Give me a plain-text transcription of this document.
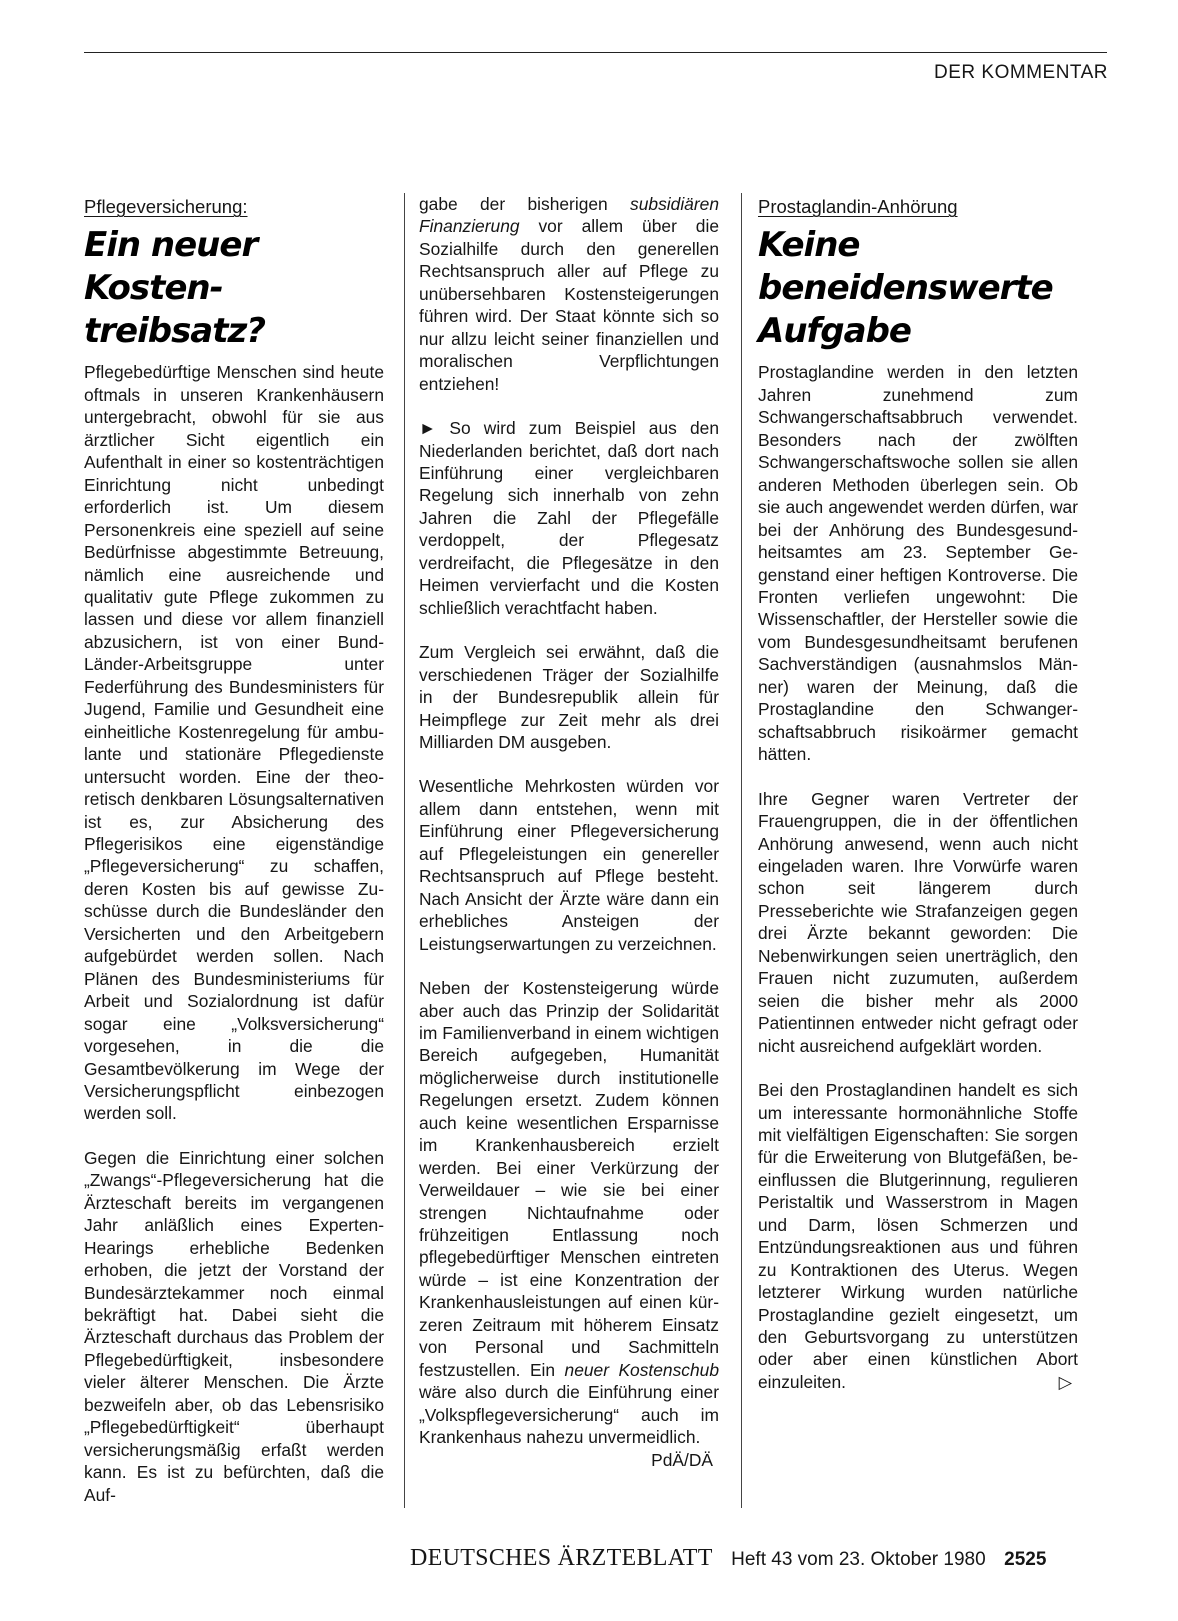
DER KOMMENTAR
Pflegeversicherung:
Ein neuer
Kosten-
treibsatz?

Pflegebedürftige Menschen sind heute oftmals in unseren Krankenhäusern untergebracht, obwohl für sie aus ärztlicher Sicht eigentlich ein Aufenthalt in einer so kostenträchtigen Einrichtung nicht unbedingt erforderlich ist. Um diesem Personenkreis eine speziell auf seine Bedürfnisse abgestimmte Betreuung, nämlich eine ausreichende und qualitativ gute Pflege zukommen zu lassen und diese vor allem finanziell abzusichern, ist von einer Bund-Länder-Arbeitsgruppe unter Federführung des Bundesministers für Jugend, Familie und Gesundheit eine einheitliche Kostenregelung für ambulante und stationäre Pflegedienste untersucht worden. Eine der theoretisch denkbaren Lösungsalternativen ist es, zur Absicherung des Pflegerisikos eine eigenständige „Pflegeversicherung“ zu schaffen, deren Kosten bis auf gewisse Zuschüsse durch die Bundesländer den Versicherten und den Arbeitgebern aufgebürdet werden sollen. Nach Plänen des Bundesministeriums für Arbeit und Sozialordnung ist dafür sogar eine „Volksversicherung“ vorgesehen, in die die Gesamtbevölkerung im Wege der Versicherungspflicht einbezogen werden soll.

Gegen die Einrichtung einer solchen „Zwangs“-Pflegeversicherung hat die Ärzteschaft bereits im vergangenen Jahr anläßlich eines Experten-Hearings erhebliche Bedenken erhoben, die jetzt der Vorstand der Bundesärztekammer noch einmal bekräftigt hat. Dabei sieht die Ärzteschaft durchaus das Problem der Pflegebedürftigkeit, insbesondere vieler älterer Menschen. Die Ärzte bezweifeln aber, ob das Lebensrisiko „Pflegebedürftigkeit“ überhaupt versicherungsmäßig erfaßt werden kann. Es ist zu befürchten, daß die Auf-

gabe der bisherigen subsidiären Finanzierung vor allem über die Sozialhilfe durch den generellen Rechtsanspruch aller auf Pflege zu unübersehbaren Kostensteigerungen führen wird. Der Staat könnte sich so nur allzu leicht seiner finanziellen und moralischen Verpflichtungen entziehen!

► So wird zum Beispiel aus den Niederlanden berichtet, daß dort nach Einführung einer vergleichbaren Regelung sich innerhalb von zehn Jahren die Zahl der Pflegefälle verdoppelt, der Pflegesatz verdreifacht, die Pflegesätze in den Heimen vervierfacht und die Kosten schließlich verachtfacht haben.

Zum Vergleich sei erwähnt, daß die verschiedenen Träger der Sozialhilfe in der Bundesrepublik allein für Heimpflege zur Zeit mehr als drei Milliarden DM ausgeben.

Wesentliche Mehrkosten würden vor allem dann entstehen, wenn mit Einführung einer Pflegeversicherung auf Pflegeleistungen ein genereller Rechtsanspruch auf Pflege besteht. Nach Ansicht der Ärzte wäre dann ein erhebliches Ansteigen der Leistungserwartungen zu verzeichnen.

Neben der Kostensteigerung würde aber auch das Prinzip der Solidarität im Familienverband in einem wichtigen Bereich aufgegeben, Humanität möglicherweise durch institutionelle Regelungen ersetzt. Zudem können auch keine wesentlichen Ersparnisse im Krankenhausbereich erzielt werden. Bei einer Verkürzung der Verweildauer – wie sie bei einer strengen Nichtaufnahme oder frühzeitigen Entlassung noch pflegebedürftiger Menschen eintreten würde – ist eine Konzentration der Krankenhausleistungen auf einen kürzeren Zeitraum mit höherem Einsatz von Personal und Sachmitteln festzustellen. Ein neuer Kostenschub wäre also durch die Einführung einer „Volkspflegeversicherung“ auch im Krankenhaus nahezu unvermeidlich.
PdÄ/DÄ

Prostaglandin-Anhörung
Keine
beneidenswerte
Aufgabe

Prostaglandine werden in den letzten Jahren zunehmend zum Schwangerschaftsabbruch verwendet. Besonders nach der zwölften Schwangerschaftswoche sollen sie allen anderen Methoden überlegen sein. Ob sie auch angewendet werden dürfen, war bei der Anhörung des Bundesgesundheitsamtes am 23. September Gegenstand einer heftigen Kontroverse. Die Fronten verliefen ungewohnt: Die Wissenschaftler, der Hersteller sowie die vom Bundesgesundheitsamt berufenen Sachverständigen (ausnahmslos Männer) waren der Meinung, daß die Prostaglandine den Schwangerschaftsabbruch risikoärmer gemacht hätten.

Ihre Gegner waren Vertreter der Frauengruppen, die in der öffentlichen Anhörung anwesend, wenn auch nicht eingeladen waren. Ihre Vorwürfe waren schon seit längerem durch Presseberichte wie Strafanzeigen gegen drei Ärzte bekannt geworden: Die Nebenwirkungen seien unerträglich, den Frauen nicht zuzumuten, außerdem seien die bisher mehr als 2000 Patientinnen entweder nicht gefragt oder nicht ausreichend aufgeklärt worden.

Bei den Prostaglandinen handelt es sich um interessante hormonähnliche Stoffe mit vielfältigen Eigenschaften: Sie sorgen für die Erweiterung von Blutgefäßen, beeinflussen die Blutgerinnung, regulieren Peristaltik und Wasserstrom in Magen und Darm, lösen Schmerzen und Entzündungsreaktionen aus und führen zu Kontraktionen des Uterus. Wegen letzterer Wirkung wurden natürliche Prostaglandine gezielt eingesetzt, um den Geburtsvorgang zu unterstützen oder aber einen künstlichen Abort einzuleiten.	▷

DEUTSCHES ÄRZTEBLATT Heft 43 vom 23. Oktober 1980 2525
